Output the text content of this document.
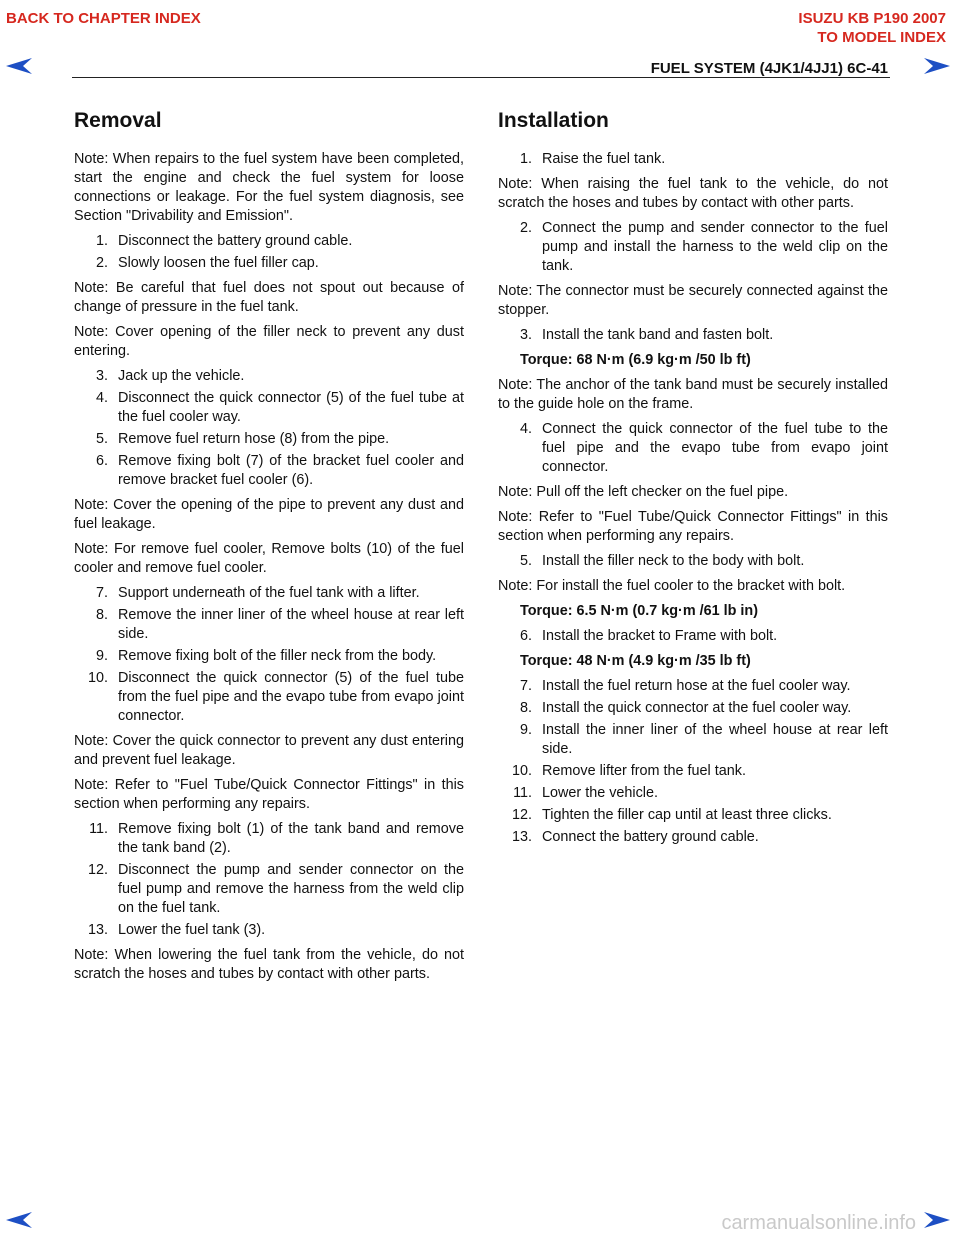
BACK TO CHAPTER INDEX	ISUZU KB P190 2007
TO MODEL INDEX
FUEL SYSTEM (4JK1/4JJ1) 6C-41
Removal

Note: When repairs to the fuel system have been completed, start the engine and check the fuel system for loose connections or leakage. For the fuel system diagnosis, see Section "Drivability and Emission".

1. Disconnect the battery ground cable.
2. Slowly loosen the fuel filler cap.

Note: Be careful that fuel does not spout out because of change of pressure in the fuel tank.

Note: Cover opening of the filler neck to prevent any dust entering.

3. Jack up the vehicle.
4. Disconnect the quick connector (5) of the fuel tube at the fuel cooler way.
5. Remove fuel return hose (8) from the pipe.
6. Remove fixing bolt (7) of the bracket fuel cooler and remove bracket fuel cooler (6).

Note: Cover the opening of the pipe to prevent any dust and fuel leakage.

Note: For remove fuel cooler, Remove bolts (10) of the fuel cooler and remove fuel cooler.

7. Support underneath of the fuel tank with a lifter.
8. Remove the inner liner of the wheel house at rear left side.
9. Remove fixing bolt of the filler neck from the body.
10. Disconnect the quick connector (5) of the fuel tube from the fuel pipe and the evapo tube from evapo joint connector.

Note: Cover the quick connector to prevent any dust entering and prevent fuel leakage.

Note: Refer to "Fuel Tube/Quick Connector Fittings" in this section when performing any repairs.

11. Remove fixing bolt (1) of the tank band and remove the tank band (2).
12. Disconnect the pump and sender connector on the fuel pump and remove the harness from the weld clip on the fuel tank.
13. Lower the fuel tank (3).

Note: When lowering the fuel tank from the vehicle, do not scratch the hoses and tubes by contact with other parts.

Installation
1. Raise the fuel tank.

Note: When raising the fuel tank to the vehicle, do not scratch the hoses and tubes by contact with other parts.

2. Connect the pump and sender connector to the fuel pump and install the harness to the weld clip on the tank.

Note: The connector must be securely connected against the stopper.

3. Install the tank band and fasten bolt.
Torque: 68 N·m (6.9 kg·m /50 lb ft)

Note: The anchor of the tank band must be securely installed to the guide hole on the frame.

4. Connect the quick connector of the fuel tube to the fuel pipe and the evapo tube from evapo joint connector.

Note: Pull off the left checker on the fuel pipe.

Note: Refer to "Fuel Tube/Quick Connector Fittings" in this section when performing any repairs.

5. Install the filler neck to the body with bolt.

Note: For install the fuel cooler to the bracket with bolt.

Torque: 6.5 N·m (0.7 kg·m /61 lb in)
6. Install the bracket to Frame with bolt.
Torque: 48 N·m (4.9 kg·m /35 lb ft)
7. Install the fuel return hose at the fuel cooler way.
8. Install the quick connector at the fuel cooler way.
9. Install the inner liner of the wheel house at rear left side.
10. Remove lifter from the fuel tank.
11. Lower the vehicle.
12. Tighten the filler cap until at least three clicks.
13. Connect the battery ground cable.
carmanualsonline.info
